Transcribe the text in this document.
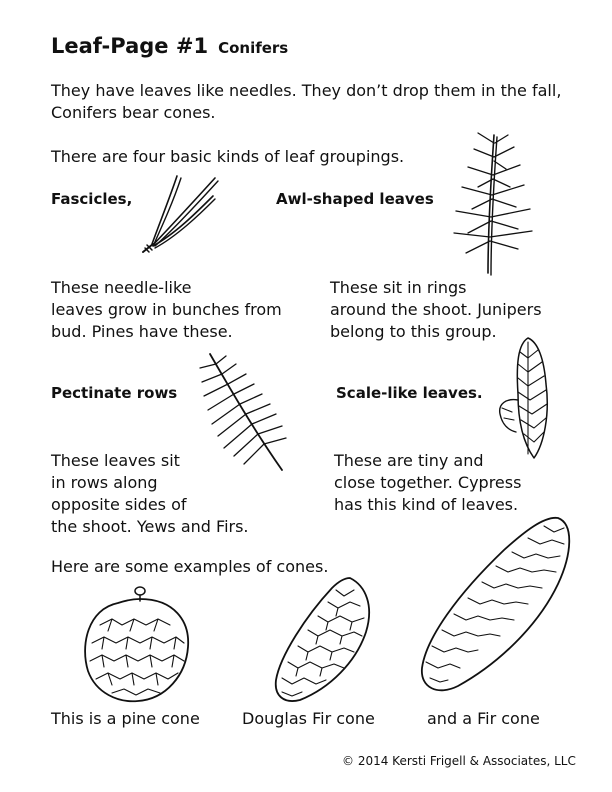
Leaf-Page #1 Conifers
They have leaves like needles. They don’t drop them in the fall,
Conifers bear cones.
There are four basic kinds of leaf groupings.
Fascicles,	Awl-shaped leaves
These needle-like
leaves grow in bunches from
bud. Pines have these.
These sit in rings
around the shoot. Junipers
belong to this group.
Pectinate rows	Scale-like leaves.
These leaves sit
in rows along
opposite sides of
the shoot. Yews and Firs.
These are tiny and
close together. Cypress
has this kind of leaves.
Here are some examples of cones.
This is a pine cone	Douglas Fir cone	and a Fir cone
© 2014 Kersti Frigell & Associates, LLC
